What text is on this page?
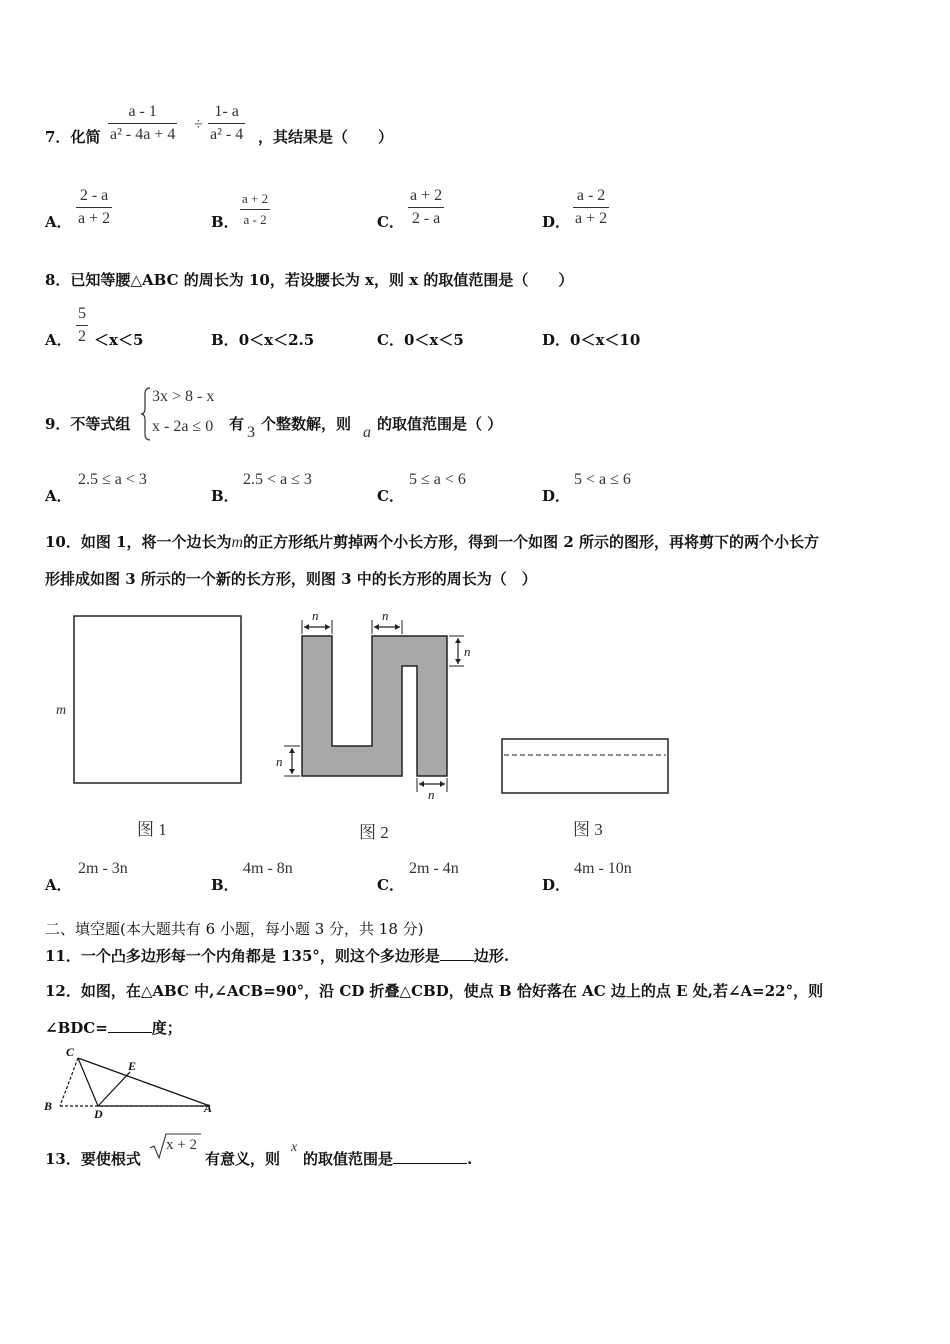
7．化简 $\frac{a - 1}{\text{a² - 4a + 4}} \div \frac{1- a}{\text{a² - 4}}$ ，其结果是（　　）
A． $\frac{2 - a}{a + 2}$	B． $\frac{a + 2}{a - 2}$	C． $\frac{a + 2}{2 - a}$	D． $\frac{a - 2}{a + 2}$
8．已知等腰△ABC 的周长为 10，若设腰长为 x，则 x 的取值范围是（　　）
A． $\frac{5}{2} <x<5$	B．0＜x＜2.5	C．0＜x＜5	D．0＜x＜10
9．不等式组
3x > 8 - x
x - 2a ≤ 0 有 3 个整数解，则 a 的取值范围是（ ）
A．
2.5 ≤ a < 3
B．
2.5 < a ≤ 3
C．
5 ≤ a < 6
D．
5 < a ≤ 6
10．如图 1，将一个边长为m的正方形纸片剪掉两个小长方形，得到一个如图 2 所示的图形，再将剪下的两个小长方
形排成如图 3 所示的一个新的长方形，则图 3 中的长方形的周长为（　）
m
n	n
n
n
n
图 1	图 2	图 3
A．
2m - 3n
B．
4m - 8n
C．
2m - 4n
D．
4m - 10n
二、填空题(本大题共有 6 小题，每小题 3 分，共 18 分)
11．一个凸多边形每一个内角都是 135°，则这个多边形是 边形.
12．如图，在△ABC 中,∠ACB=90°，沿 CD 折叠△CBD，使点 B 恰好落在 AC 边上的点 E 处,若∠A=22°，则
∠BDC=	度；
C
E
B
D	A
13．要使根式
x + 2
有意义，则
x
的取值范围是	.
